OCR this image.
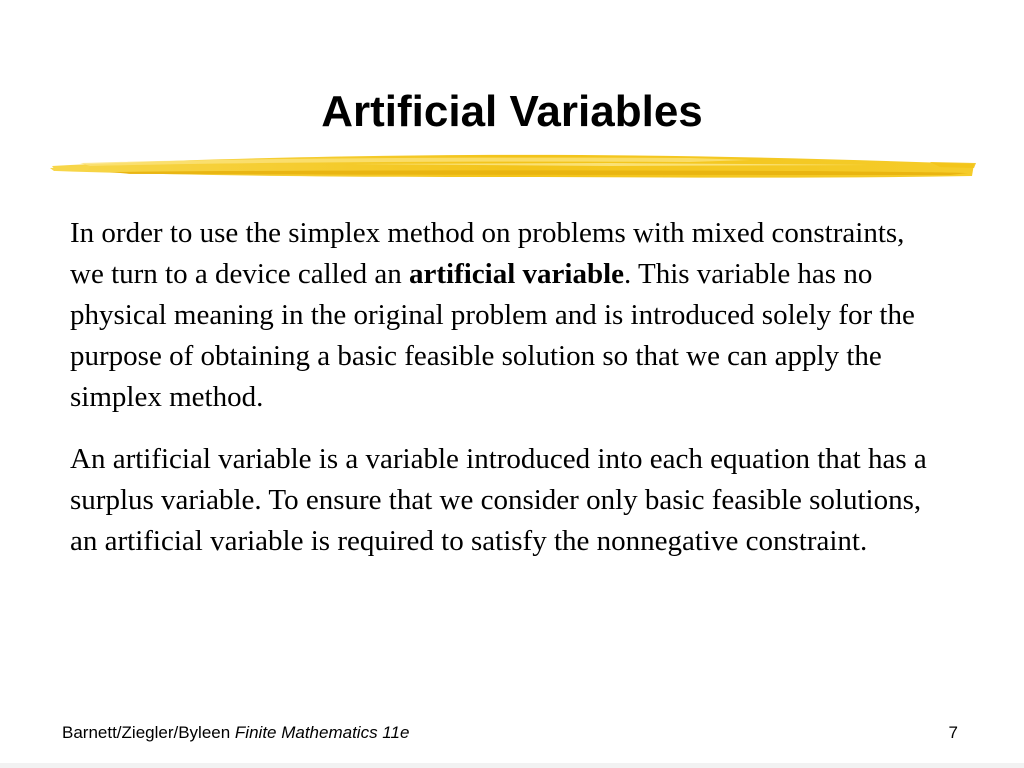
Artificial Variables

In order to use the simplex method on problems with mixed constraints, we turn to a device called an artificial variable. This variable has no physical meaning in the original problem and is introduced solely for the purpose of obtaining a basic feasible solution so that we can apply the simplex method.

An artificial variable is a variable introduced into each equation that has a surplus variable. To ensure that we consider only basic feasible solutions, an artificial variable is required to satisfy the nonnegative constraint.

Barnett/Ziegler/Byleen Finite Mathematics 11e	7
